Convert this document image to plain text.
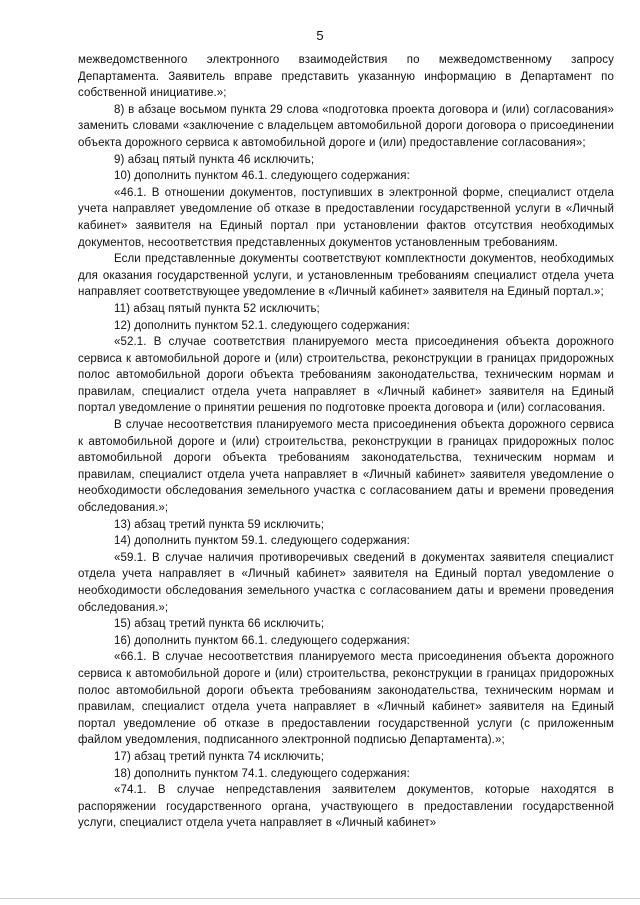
5

межведомственного электронного взаимодействия по межведомственному запросу Департамента. Заявитель вправе представить указанную информацию в Департамент по собственной инициативе.»;

8) в абзаце восьмом пункта 29 слова «подготовка проекта договора и (или) согласования» заменить словами «заключение с владельцем автомобильной дороги договора о присоединении объекта дорожного сервиса к автомобильной дороге и (или) предоставление согласования»;

9) абзац пятый пункта 46 исключить;

10) дополнить пунктом 46.1. следующего содержания:

«46.1. В отношении документов, поступивших в электронной форме, специалист отдела учета направляет уведомление об отказе в предоставлении государственной услуги в «Личный кабинет» заявителя на Единый портал при установлении фактов отсутствия необходимых документов, несоответствия представленных документов установленным требованиям.

Если представленные документы соответствуют комплектности документов, необходимых для оказания государственной услуги, и установленным требованиям специалист отдела учета направляет соответствующее уведомление в «Личный кабинет» заявителя на Единый портал.»;

11) абзац пятый пункта 52 исключить;

12) дополнить пунктом 52.1. следующего содержания:

«52.1. В случае соответствия планируемого места присоединения объекта дорожного сервиса к автомобильной дороге и (или) строительства, реконструкции в границах придорожных полос автомобильной дороги объекта требованиям законодательства, техническим нормам и правилам, специалист отдела учета направляет в «Личный кабинет» заявителя на Единый портал уведомление о принятии решения по подготовке проекта договора и (или) согласования.

В случае несоответствия планируемого места присоединения объекта дорожного сервиса к автомобильной дороге и (или) строительства, реконструкции в границах придорожных полос автомобильной дороги объекта требованиям законодательства, техническим нормам и правилам, специалист отдела учета направляет в «Личный кабинет» заявителя уведомление о необходимости обследования земельного участка с согласованием даты и времени проведения обследования.»;

13) абзац третий пункта 59 исключить;

14) дополнить пунктом 59.1. следующего содержания:

«59.1. В случае наличия противоречивых сведений в документах заявителя специалист отдела учета направляет в «Личный кабинет» заявителя на Единый портал уведомление о необходимости обследования земельного участка с согласованием даты и времени проведения обследования.»;

15) абзац третий пункта 66 исключить;

16) дополнить пунктом 66.1. следующего содержания:

«66.1. В случае несоответствия планируемого места присоединения объекта дорожного сервиса к автомобильной дороге и (или) строительства, реконструкции в границах придорожных полос автомобильной дороги объекта требованиям законодательства, техническим нормам и правилам, специалист отдела учета направляет в «Личный кабинет» заявителя на Единый портал уведомление об отказе в предоставлении государственной услуги (с приложенным файлом уведомления, подписанного электронной подписью Департамента).»;

17) абзац третий пункта 74 исключить;

18) дополнить пунктом 74.1. следующего содержания:

«74.1. В случае непредставления заявителем документов, которые находятся в распоряжении государственного органа, участвующего в предоставлении государственной услуги, специалист отдела учета направляет в «Личный кабинет»
